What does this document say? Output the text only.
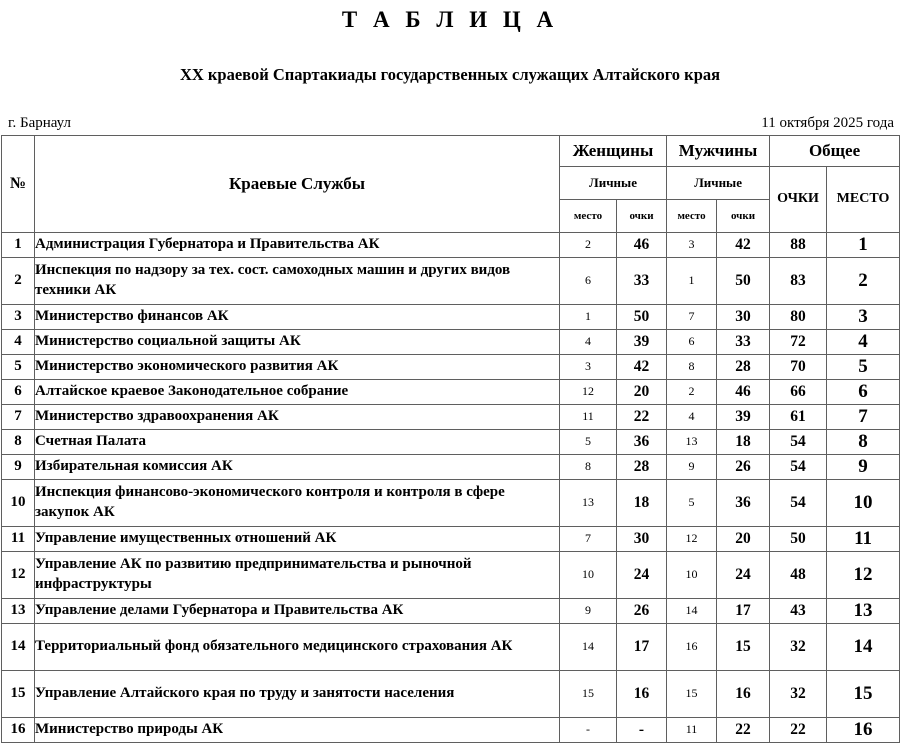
Т А Б Л И Ц А
XX краевой Спартакиады государственных служащих Алтайского края
г. Барнаул	11 октября 2025 года
№	Краевые Службы	Женщины		Мужчины		Общее	
		Личные		Личные		ОЧКИ	МЕСТО
		место	очки	место	очки		
1	Администрация Губернатора и Правительства АК	2	46	3	42	88	1
2	Инспекция по надзору за тех. сост. самоходных машин и других видов техники АК	6	33	1	50	83	2
3	Министерство финансов АК	1	50	7	30	80	3
4	Министерство социальной защиты АК	4	39	6	33	72	4
5	Министерство экономического развития АК	3	42	8	28	70	5
6	Алтайское краевое Законодательное собрание	12	20	2	46	66	6
7	Министерство здравоохранения АК	11	22	4	39	61	7
8	Счетная Палата	5	36	13	18	54	8
9	Избирательная комиссия АК	8	28	9	26	54	9
10	Инспекция финансово-экономического контроля и контроля в сфере закупок АК	13	18	5	36	54	10
11	Управление имущественных отношений АК	7	30	12	20	50	11
12	Управление АК по развитию предпринимательства и рыночной инфраструктуры	10	24	10	24	48	12
13	Управление делами Губернатора и Правительства АК	9	26	14	17	43	13
14	Территориальный фонд обязательного медицинского страхования АК	14	17	16	15	32	14
15	Управление Алтайского края по труду и занятости населения	15	16	15	16	32	15
16	Министерство природы АК	-	-	11	22	22	16
